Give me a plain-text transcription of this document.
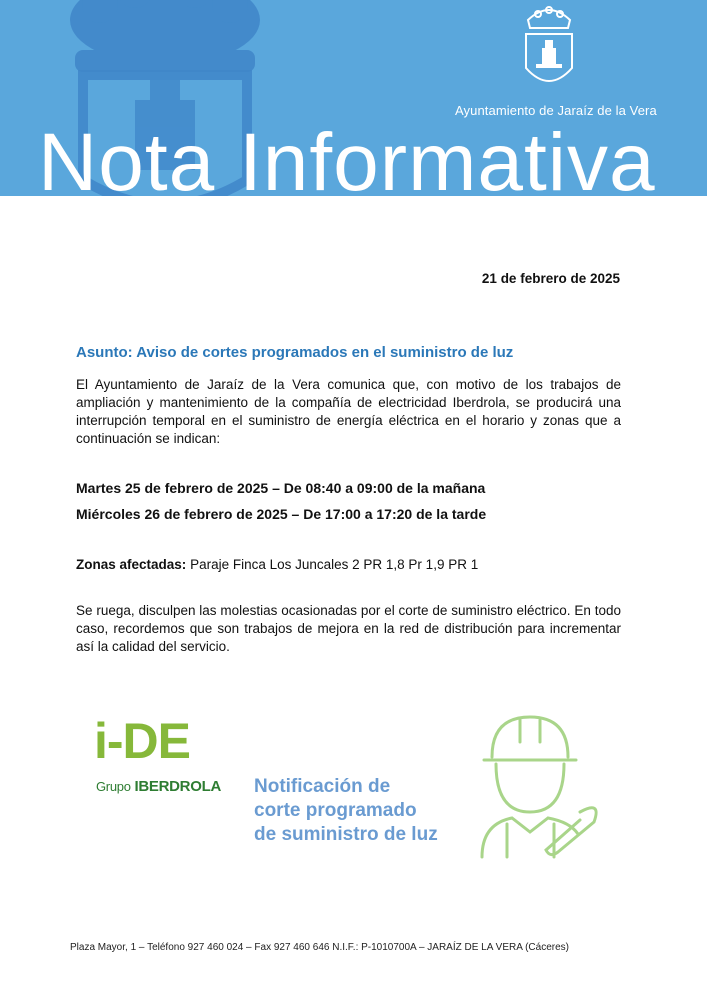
Ayuntamiento de Jaraíz de la Vera
Nota Informativa
21 de febrero de 2025
Asunto: Aviso de cortes programados en el suministro de luz

El Ayuntamiento de Jaraíz de la Vera comunica que, con motivo de los trabajos de ampliación y mantenimiento de la compañía de electricidad Iberdrola, se producirá una interrupción temporal en el suministro de energía eléctrica en el horario y zonas que a continuación se indican:

Martes 25 de febrero de 2025 – De 08:40 a 09:00 de la mañana

Miércoles 26 de febrero de 2025 – De 17:00 a 17:20 de la tarde

Zonas afectadas: Paraje Finca Los Juncales 2 PR 1,8 Pr 1,9 PR 1

Se ruega, disculpen las molestias ocasionadas por el corte de suministro eléctrico. En todo caso, recordemos que son trabajos de mejora en la red de distribución para incrementar así la calidad del servicio.

i-DE
Grupo IBERDROLA Notificación de
corte programado
de suministro de luz

Plaza Mayor, 1 – Teléfono 927 460 024 – Fax 927 460 646 N.I.F.: P-1010700A – JARAÍZ DE LA VERA (Cáceres)
